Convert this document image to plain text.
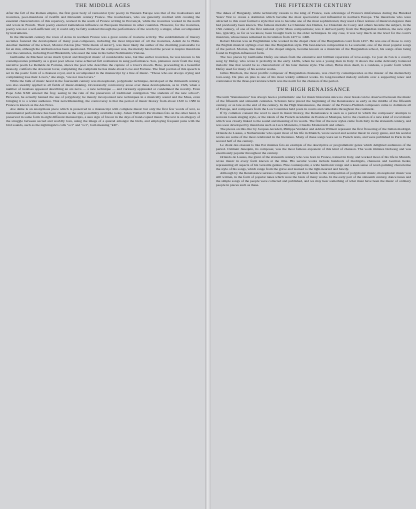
THE MIDDLE AGES

After the fall of the Roman empire, the first great body of vernacular lyric poetry in Western Europe was that of the troubadours and trouvères, poet-musicians of twelfth and thirteenth century France. The troubadours, who are generally credited with creating the essential characteristics of this repertory, worked in the south of France writing in Provençal, while the trouvères worked in the north and wrote in French. Their poetry exerted tremendous influence on European literature in other countries. However, for the trouvères, poetry was not a self-sufficient art; it could only be fully realized through the performance of the words by a singer, often accompanied by instruments.

In the thirteenth century the town of Arras in northern France was a great centre of trouvère activity. The establishment of literary societies fostered the development of many poet-composers, including the most important of all the trouvères, Adam de la Halle. Another member of the school, Moniot d'Arras (the "little monk of Arras"), was most likely the author of the charming pastourelle Ce fut en mai, although the attribution has been questioned. Whoever the composer was, the melody has had the power to inspire musicians over the centuries, including Paul Hindemith, who used the tune in his ballet Nobilissima Visione.

Guillaume de Machaut wrote much lyrical and liturgical music of considerable note, but like earlier trouvères, he was known to his contemporaries primarily as a great poet whose verse achieved full realisation in sung performance. Son, plaisance avoir from the long narrative poem Le Remède de Fortune, shows the poet who describes the capture of a lover's moods. Here, proceeding in a beautiful monody, comforts the downcast lover, completing the complaint he has made about Love and Fortune. The final portion of this speech is set in the poetic form of a chanson royal, and is accompanied in the manuscript by a line of music. "Those who are always crying and complaining lose their Love's," she sings, "are not true lovers."

While the bulk of music heard in the fourteenth century was monophonic, polyphonic technique, developed at the thirteenth century, was also steadily applied to all fields of music-making. Occasionally controversy arose over these developments, as in 1326, when a number of treatises appeared describing an ars nova — a new technique — and variously applauded or condemned the novelty. Even Pope John XXII entered the fray, seeing in the rule of the preservers of traditional cantigation "the students of the new school". However, he actually banned the use of polyphony; he merely incorporated new techniques in a musically sound and the Mass, even bringing it to a wider audience. That notwithstanding, the controversy is that the period of music history from about 1320 to 1380 in France is known as the Ars Nova.

Ave dame is an anonymous piece which is preserved in a manuscript with complete music but only the first few words of text, so instrumental performance has been chosen as the only possibility available today. Johan Vaillant's Par maintes fois on the other hand, is preserved in some form in eight different manuscripts, a sure sign of favour in the days of hand-copied music. The text is an allegory of the struggle between sacred and worldly love, using the image of a quarrel amongst the birds, and employing frequent puns with the bird sounds, such as the nightingale's calls "oci" and "oci", both meaning "kill".

THE FIFTEENTH CENTURY

The dukes of Burgundy, while technically vassals to the king of France, took advantage of France's misfortunes during the Hundred Years' War to create a dominion which became the most spectacular and influential in northern Europe. The musicians who were attracted to this court formed a style that was to become one of the most sophisticated, they used a finer texture of musical elegance than had previously been known. The famous melodic Le Chanteur des Dames, Le Chatelain de Coucy and others became the subject, in the 15th century, of one of the first national cyclic Mass compositions; was it derived partly from the Burgundian tradition, the new style has, typically, so far as we know, been brought back to the older techniques. In any case, it was very much on the level for the court's musician, whose tunes remained in circulation from 1477 to 1490.

Robert Morton was an Englishman who worked in the chapel choir of the Burgundian court from 1457. He was one of those to carry the English musical stylings over into the Burgundian style. His best-known composition is Le souvenir, one of the most popular songs of the period. Morton, like many of the chapel singers, became known as a musician of the Burgundian school, his songs often being found in English-influenced form.

The two pieces by Guillaume Dufay are taken from the extensive and brilliant repertoire of love-songs. Ce jour de l'an is a courtly song by Dufay, who wrote it probably in the early 1420s, when he was a young man in Italy. It shows the same delicately balanced melodic line that would be so characteristic of his later mature style. The other, Helas mon dueil, is a rondeau, a poetic form which Dufay used for many of his secular works.

Gilles Binchois, the most prolific composer of Burgundian chansons, was cited by contemporaries as the master of the melancholy love-song. De plus en plus is one of his most widely admired works. Its long-breathed melody unfolds over a supporting tenor and contratenor in the three-part texture which was the norm for the chanson of the period.

THE HIGH RENAISSANCE

The term "Renaissance" has always been a problematic one for music historians since no clear break can be observed between the music of the fifteenth and sixteenth centuries. Scholars have placed the beginning of the Renaissance as early as the middle of the fifteenth century, or as late as the end of the century. In the High Renaissance, the music of the Franco-Flemish composers came to dominate all of Europe, and composers from the Low Countries held posts in courts and cathedrals throughout the continent.

If by common consent the word is used in music history, the Renaissance is seen as a period in which the composers' attempts to recreate Greek singing style, or the ideals of the French Academie de Poésie et Musique, led to the creation of a new kind of vocal music which was closely linked to the sound and meaning of its words. The first of the new styles came from Italy in the sixteenth century, and was soon developed by musicians such as Luca Marenzio, Claudio Monteverdi and others.

The pieces on this disc by Jacques Arcadelt, Philippe Verdelot and Adrian Willaert represent the first flowering of the Italian madrigal. Orlande de Lassus, a Netherlander who spent most of his life in Munich, wrote sacred and secular music in every genre, and his secular works are some of the most celebrated in the literature. Many of these songs were set to French texts, and were published in Paris in the second half of the century.

Le chant des oiseaux is like Par maintes fois an example of the descriptive or programmatic genre which delighted audiences of the period. Clément Janequin, its composer, was the most famous exponent of this kind of chanson. The work imitates birdsong and was enormously popular throughout the century.

Orlando de Lassus, the giant of the sixteenth century who was born in France, trained in Italy, and worked most of his life in Munich, wrote music in every form known at the time. His secular works include hundreds of madrigals, chansons and German lieder, representing all aspects of his versatile genius. Fine counterpoint, a wide harmonic range and a keen sense of word-painting characterise the style of his songs, which range from the grave and learned to the light-hearted and bawdy.

Although by the Renaissance serious composers only put their hands to the composition of polyphonic music, monophonic music was still written, in the form of popular tunes which were the basis of many works. In the early part of the sixteenth century, dance tunes and the simple songs of the people were collected and published, and we may hear something of what must have been the music of ordinary people in pieces such as these.
